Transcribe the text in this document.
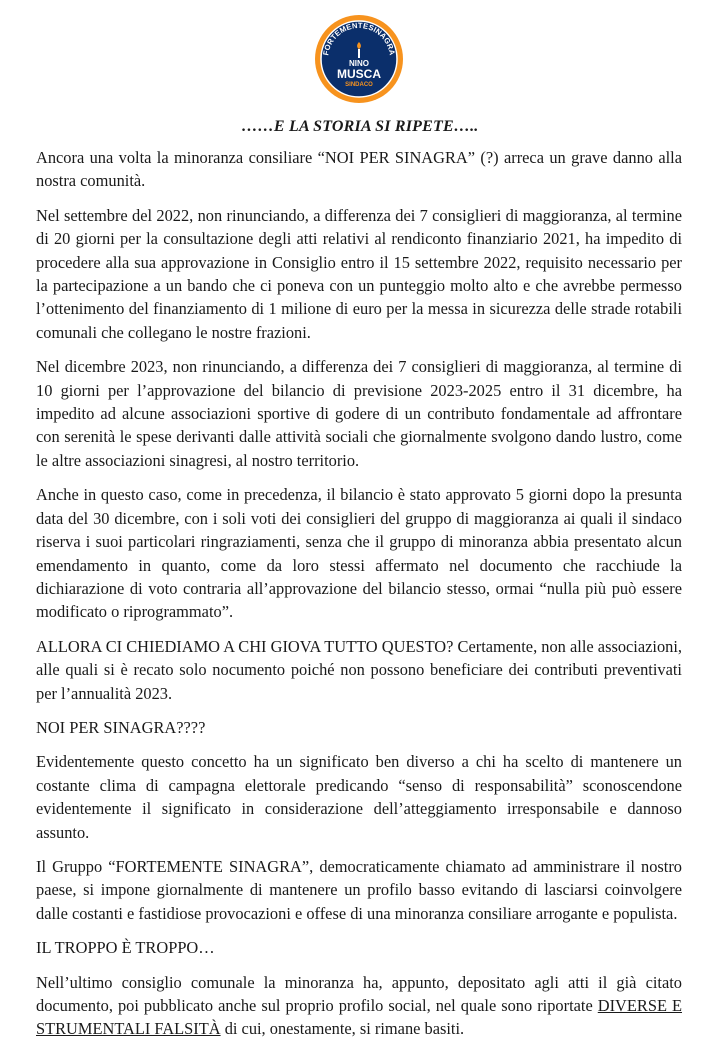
FORTEMENTESINAGRA
NINO
MUSCA
SINDACO
……E LA STORIA SI RIPETE…..

Ancora una volta la minoranza consiliare “NOI PER SINAGRA” (?) arreca un grave danno alla nostra comunità.

Nel settembre del 2022, non rinunciando, a differenza dei 7 consiglieri di maggioranza, al termine di 20 giorni per la consultazione degli atti relativi al rendiconto finanziario 2021, ha impedito di procedere alla sua approvazione in Consiglio entro il 15 settembre 2022, requisito necessario per la partecipazione a un bando che ci poneva con un punteggio molto alto e che avrebbe permesso l’ottenimento del finanziamento di 1 milione di euro per la messa in sicurezza delle strade rotabili comunali che collegano le nostre frazioni.

Nel dicembre 2023, non rinunciando, a differenza dei 7 consiglieri di maggioranza, al termine di 10 giorni per l’approvazione del bilancio di previsione 2023-2025 entro il 31 dicembre, ha impedito ad alcune associazioni sportive di godere di un contributo fondamentale ad affrontare con serenità le spese derivanti dalle attività sociali che giornalmente svolgono dando lustro, come le altre associazioni sinagresi, al nostro territorio.

Anche in questo caso, come in precedenza, il bilancio è stato approvato 5 giorni dopo la presunta data del 30 dicembre, con i soli voti dei consiglieri del gruppo di maggioranza ai quali il sindaco riserva i suoi particolari ringraziamenti, senza che il gruppo di minoranza abbia presentato alcun emendamento in quanto, come da loro stessi affermato nel documento che racchiude la dichiarazione di voto contraria all’approvazione del bilancio stesso, ormai “nulla più può essere modificato o riprogrammato”.

ALLORA CI CHIEDIAMO A CHI GIOVA TUTTO QUESTO? Certamente, non alle associazioni, alle quali si è recato solo nocumento poiché non possono beneficiare dei contributi preventivati per l’annualità 2023.

NOI PER SINAGRA????

Evidentemente questo concetto ha un significato ben diverso a chi ha scelto di mantenere un costante clima di campagna elettorale predicando “senso di responsabilità” sconoscendone evidentemente il significato in considerazione dell’atteggiamento irresponsabile e dannoso assunto.

Il Gruppo “FORTEMENTE SINAGRA”, democraticamente chiamato ad amministrare il nostro paese, si impone giornalmente di mantenere un profilo basso evitando di lasciarsi coinvolgere dalle costanti e fastidiose provocazioni e offese di una minoranza consiliare arrogante e populista.

IL TROPPO È TROPPO…

Nell’ultimo consiglio comunale la minoranza ha, appunto, depositato agli atti il già citato documento, poi pubblicato anche sul proprio profilo social, nel quale sono riportate DIVERSE E STRUMENTALI FALSITÀ di cui, onestamente, si rimane basiti.
